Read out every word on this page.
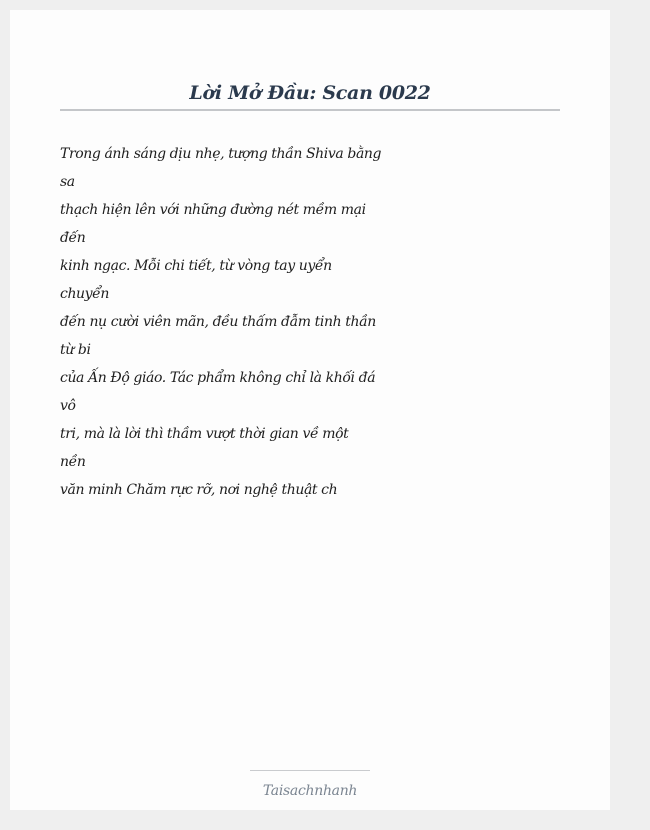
Lời Mở Đầu: Scan 0022
Trong ánh sáng dịu nhẹ, tượng thần Shiva bằng
sa
thạch hiện lên với những đường nét mềm mại
đến
kinh ngạc. Mỗi chi tiết, từ vòng tay uyển
chuyển
đến nụ cười viên mãn, đều thấm đẫm tinh thần
từ bi
của Ấn Độ giáo. Tác phẩm không chỉ là khối đá
vô
tri, mà là lời thì thầm vượt thời gian về một
nền
văn minh Chăm rực rỡ, nơi nghệ thuật ch
Taisachnhanh
